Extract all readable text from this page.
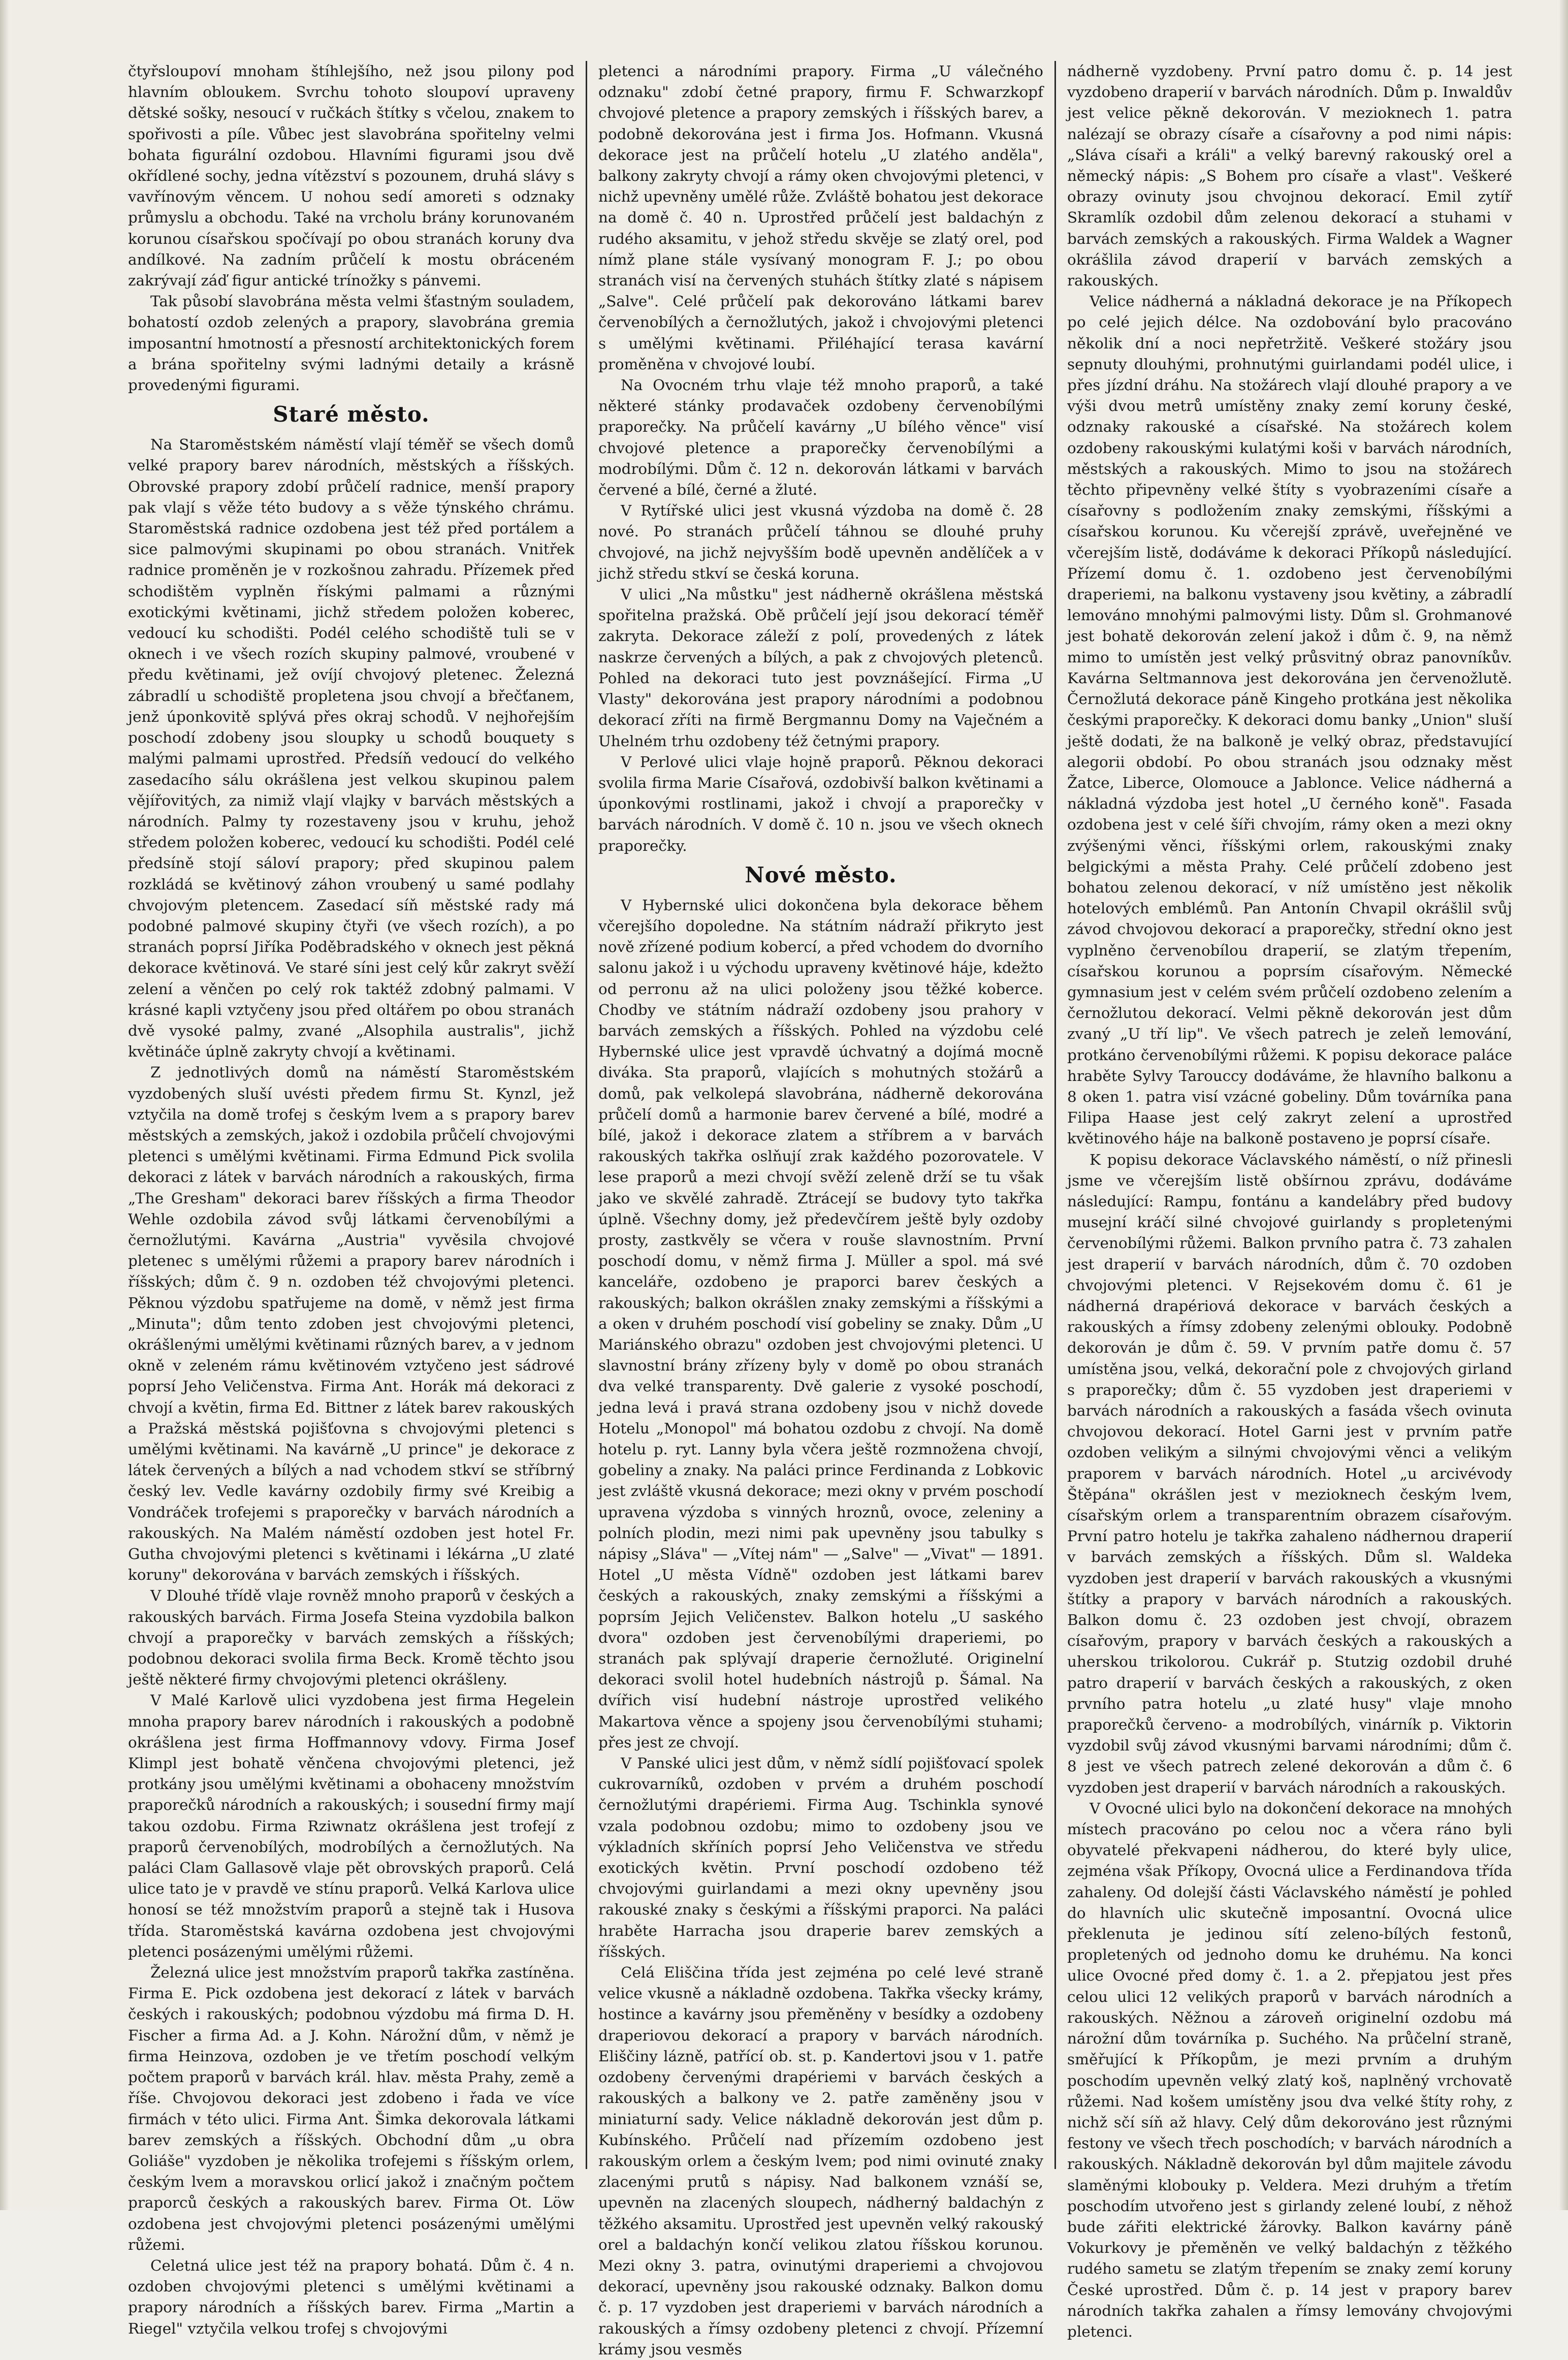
čtyřsloupoví mnoham štíhlejšího, než jsou pilony pod hlavním obloukem. Svrchu tohoto sloupoví upraveny dětské sošky, nesoucí v ručkách štítky s včelou, znakem to spořivosti a píle. Vůbec jest slavobrána spořitelny velmi bohata figurální ozdobou. Hlavními figurami jsou dvě okřídlené sochy, jedna vítězství s pozounem, druhá slávy s vavřínovým věncem. U nohou sedí amoreti s odznaky průmyslu a obchodu. Také na vrcholu brány korunovaném korunou císařskou spočívají po obou stranách koruny dva andílkové. Na zadním průčelí k mostu obráceném zakrývají záď figur antické trínožky s pánvemi.

Tak působí slavobrána města velmi šťastným souladem, bohatostí ozdob zelených a prapory, slavobrána gremia imposantní hmotností a přesností architektonických forem a brána spořitelny svými ladnými detaily a krásně provedenými figurami.

Staré město.

Na Staroměstském náměstí vlají téměř se všech domů velké prapory barev národních, městských a říšských. Obrovské prapory zdobí průčelí radnice, menší prapory pak vlají s věže této budovy a s věže týnského chrámu. Staroměstská radnice ozdobena jest též před portálem a sice palmovými skupinami po obou stranách. Vnitřek radnice proměněn je v rozkošnou zahradu. Přízemek před schodištěm vyplněn řískými palmami a různými exotickými květinami, jichž středem položen koberec, vedoucí ku schodišti. Podél celého schodiště tuli se v oknech i ve všech rozích skupiny palmové, vroubené v předu květinami, jež ovíjí chvojový pletenec. Železná zábradlí u schodiště propletena jsou chvojí a břečťanem, jenž úponkovitě splývá přes okraj schodů. V nejhořejším poschodí zdobeny jsou sloupky u schodů bouquety s malými palmami uprostřed. Předsíň vedoucí do velkého zasedacího sálu okrášlena jest velkou skupinou palem vějířovitých, za nimiž vlají vlajky v barvách městských a národních. Palmy ty rozestaveny jsou v kruhu, jehož středem položen koberec, vedoucí ku schodišti. Podél celé předsíně stojí sáloví prapory; před skupinou palem rozkládá se květinový záhon vroubený u samé podlahy chvojovým pletencem. Zasedací síň městské rady má podobné palmové skupiny čtyři (ve všech rozích), a po stranách poprsí Jiříka Poděbradského v oknech jest pěkná dekorace květinová. Ve staré síni jest celý kůr zakryt svěží zelení a věnčen po celý rok taktéž zdobný palmami. V krásné kapli vztyčeny jsou před oltářem po obou stranách dvě vysoké palmy, zvané „Alsophila australis", jichž květináče úplně zakryty chvojí a květinami.

Z jednotlivých domů na náměstí Staroměstském vyzdobených sluší uvésti předem firmu St. Kynzl, jež vztyčila na domě trofej s českým lvem a s prapory barev městských a zemských, jakož i ozdobila průčelí chvojovými pletenci s umělými květinami. Firma Edmund Pick svolila dekoraci z látek v barvách národních a rakouských, firma „The Gresham" dekoraci barev říšských a firma Theodor Wehle ozdobila závod svůj látkami červenobílými a černožlutými. Kavárna „Austria" vyvěsila chvojové pletenec s umělými růžemi a prapory barev národních i říšských; dům č. 9 n. ozdoben též chvojovými pletenci. Pěknou výzdobu spatřujeme na domě, v němž jest firma „Minuta"; dům tento zdoben jest chvojovými pletenci, okrášlenými umělými květinami různých barev, a v jednom okně v zeleném rámu květinovém vztyčeno jest sádrové poprsí Jeho Veličenstva. Firma Ant. Horák má dekoraci z chvojí a květin, firma Ed. Bittner z látek barev rakouských a Pražská městská pojišťovna s chvojovými pletenci s umělými květinami. Na kavárně „U prince" je dekorace z látek červených a bílých a nad vchodem stkví se stříbrný český lev. Vedle kavárny ozdobily firmy své Kreibig a Vondráček trofejemi s praporečky v barvách národních a rakouských. Na Malém náměstí ozdoben jest hotel Fr. Gutha chvojovými pletenci s květinami i lékárna „U zlaté koruny" dekorována v barvách zemských i říšských.

V Dlouhé třídě vlaje rovněž mnoho praporů v českých a rakouských barvách. Firma Josefa Steina vyzdobila balkon chvojí a praporečky v barvách zemských a říšských; podobnou dekoraci svolila firma Beck. Kromě těchto jsou ještě některé firmy chvojovými pletenci okrášleny.

V Malé Karlově ulici vyzdobena jest firma Hegelein mnoha prapory barev národních i rakouských a podobně okrášlena jest firma Hoffmannovy vdovy. Firma Josef Klimpl jest bohatě věnčena chvojovými pletenci, jež protkány jsou umělými květinami a obohaceny množstvím praporečků národních a rakouských; i sousední firmy mají takou ozdobu. Firma Rziwnatz okrášlena jest trofejí z praporů červenobílých, modrobílých a černožlutých. Na paláci Clam Gallasově vlaje pět obrovských praporů. Celá ulice tato je v pravdě ve stínu praporů. Velká Karlova ulice honosí se též množstvím praporů a stejně tak i Husova třída. Staroměstská kavárna ozdobena jest chvojovými pletenci posázenými umělými růžemi.

Železná ulice jest množstvím praporů takřka zastíněna. Firma E. Pick ozdobena jest dekorací z látek v barvách českých i rakouských; podobnou výzdobu má firma D. H. Fischer a firma Ad. a J. Kohn. Nárožní dům, v němž je firma Heinzova, ozdoben je ve třetím poschodí velkým počtem praporů v barvách král. hlav. města Prahy, země a říše. Chvojovou dekoraci jest zdobeno i řada ve více firmách v této ulici. Firma Ant. Šimka dekorovala látkami barev zemských a říšských. Obchodní dům „u obra Goliáše" vyzdoben je několika trofejemi s říšským orlem, českým lvem a moravskou orlicí jakož i značným počtem praporců českých a rakouských barev. Firma Ot. Löw ozdobena jest chvojovými pletenci posázenými umělými růžemi.

Celetná ulice jest též na prapory bohatá. Dům č. 4 n. ozdoben chvojovými pletenci s umělými květinami a prapory národních a říšských barev. Firma „Martin a Riegel" vztyčila velkou trofej s chvojovými

pletenci a národními prapory. Firma „U válečného odznaku" zdobí četné prapory, firmu F. Schwarzkopf chvojové pletence a prapory zemských i říšských barev, a podobně dekorována jest i firma Jos. Hofmann. Vkusná dekorace jest na průčelí hotelu „U zlatého anděla", balkony zakryty chvojí a rámy oken chvojovými pletenci, v nichž upevněny umělé růže. Zvláště bohatou jest dekorace na domě č. 40 n. Uprostřed průčelí jest baldachýn z rudého aksamitu, v jehož středu skvěje se zlatý orel, pod nímž plane stále vysívaný monogram F. J.; po obou stranách visí na červených stuhách štítky zlaté s nápisem „Salve". Celé průčelí pak dekorováno látkami barev červenobílých a černožlutých, jakož i chvojovými pletenci s umělými květinami. Přiléhající terasa kavární proměněna v chvojové loubí.

Na Ovocném trhu vlaje též mnoho praporů, a také některé stánky prodavaček ozdobeny červenobílými praporečky. Na průčelí kavárny „U bílého věnce" visí chvojové pletence a praporečky červenobílými a modrobílými. Dům č. 12 n. dekorován látkami v barvách červené a bílé, černé a žluté.

V Rytířské ulici jest vkusná výzdoba na domě č. 28 nové. Po stranách průčelí táhnou se dlouhé pruhy chvojové, na jichž nejvyšším bodě upevněn andělíček a v jichž středu stkví se česká koruna.

V ulici „Na můstku" jest nádherně okrášlena městská spořitelna pražská. Obě průčelí její jsou dekorací téměř zakryta. Dekorace záleží z polí, provedených z látek naskrze červených a bílých, a pak z chvojových pletenců. Pohled na dekoraci tuto jest povznášející. Firma „U Vlasty" dekorována jest prapory národními a podobnou dekorací zříti na firmě Bergmannu Domy na Vaječném a Uhelném trhu ozdobeny též četnými prapory.

V Perlové ulici vlaje hojně praporů. Pěknou dekoraci svolila firma Marie Císařová, ozdobivší balkon květinami a úponkovými rostlinami, jakož i chvojí a praporečky v barvách národních. V domě č. 10 n. jsou ve všech oknech praporečky.

Nové město.

V Hybernské ulici dokončena byla dekorace během včerejšího dopoledne. Na státním nádraží přikryto jest nově zřízené podium kobercí, a před vchodem do dvorního salonu jakož i u východu upraveny květinové háje, kdežto od perronu až na ulici položeny jsou těžké koberce. Chodby ve státním nádraží ozdobeny jsou prahory v barvách zemských a říšských. Pohled na výzdobu celé Hybernské ulice jest vpravdě úchvatný a dojímá mocně diváka. Sta praporů, vlajících s mohutných stožárů a domů, pak velkolepá slavobrána, nádherně dekorována průčelí domů a harmonie barev červené a bílé, modré a bílé, jakož i dekorace zlatem a stříbrem a v barvách rakouských takřka oslňují zrak každého pozorovatele. V lese praporů a mezi chvojí svěží zeleně drží se tu však jako ve skvělé zahradě. Ztrácejí se budovy tyto takřka úplně. Všechny domy, jež předevčírem ještě byly ozdoby prosty, zastkvěly se včera v rouše slavnostním. První poschodí domu, v němž firma J. Müller a spol. má své kanceláře, ozdobeno je praporci barev českých a rakouských; balkon okrášlen znaky zemskými a říšskými a a oken v druhém poschodí visí gobeliny se znaky. Dům „U Mariánského obrazu" ozdoben jest chvojovými pletenci. U slavnostní brány zřízeny byly v domě po obou stranách dva velké transparenty. Dvě galerie z vysoké poschodí, jedna levá i pravá strana ozdobeny jsou v nichž dovede Hotelu „Monopol" má bohatou ozdobu z chvojí. Na domě hotelu p. ryt. Lanny byla včera ještě rozmnožena chvojí, gobeliny a znaky. Na paláci prince Ferdinanda z Lobkovic jest zvláště vkusná dekorace; mezi okny v prvém poschodí upravena výzdoba s vinných hroznů, ovoce, zeleniny a polních plodin, mezi nimi pak upevněny jsou tabulky s nápisy „Sláva" — „Vítej nám" — „Salve" — „Vivat" — 1891. Hotel „U města Vídně" ozdoben jest látkami barev českých a rakouských, znaky zemskými a říšskými a poprsím Jejich Veličenstev. Balkon hotelu „U saského dvora" ozdoben jest červenobílými draperiemi, po stranách pak splývají draperie černožluté. Originelní dekoraci svolil hotel hudebních nástrojů p. Šámal. Na dvířich visí hudební nástroje uprostřed velikého Makartova věnce a spojeny jsou červenobílými stuhami; přes jest ze chvojí.

V Panské ulici jest dům, v němž sídlí pojišťovací spolek cukrovarníků, ozdoben v prvém a druhém poschodí černožlutými drapériemi. Firma Aug. Tschinkla synové vzala podobnou ozdobu; mimo to ozdobeny jsou ve výkladních skříních poprsí Jeho Veličenstva ve středu exotických květin. První poschodí ozdobeno též chvojovými guirlandami a mezi okny upevněny jsou rakouské znaky s českými a říšskými praporci. Na paláci hraběte Harracha jsou draperie barev zemských a říšských.

Celá Eliščina třída jest zejména po celé levé straně velice vkusně a nákladně ozdobena. Takřka všecky krámy, hostince a kavárny jsou přeměněny v besídky a ozdobeny draperiovou dekorací a prapory v barvách národních. Eliščiny lázně, patřící ob. st. p. Kandertovi jsou v 1. patře ozdobeny červenými drapériemi v barvách českých a rakouských a balkony ve 2. patře zaměněny jsou v miniaturní sady. Velice nákladně dekorován jest dům p. Kubínského. Průčelí nad přízemím ozdobeno jest rakouským orlem a českým lvem; pod nimi ovinuté znaky zlacenými prutů s nápisy. Nad balkonem vznáší se, upevněn na zlacených sloupech, nádherný baldachýn z těžkého aksamitu. Uprostřed jest upevněn velký rakouský orel a baldachýn končí velikou zlatou říšskou korunou. Mezi okny 3. patra, ovinutými draperiemi a chvojovou dekorací, upevněny jsou rakouské odznaky. Balkon domu č. p. 17 vyzdoben jest draperiemi v barvách národních a rakouských a římsy ozdobeny pletenci z chvojí. Přízemní krámy jsou vesměs

nádherně vyzdobeny. První patro domu č. p. 14 jest vyzdobeno draperií v barvách národních. Dům p. Inwaldův jest velice pěkně dekorován. V mezioknech 1. patra nalézají se obrazy císaře a císařovny a pod nimi nápis: „Sláva císaři a králi" a velký barevný rakouský orel a německý nápis: „S Bohem pro císaře a vlast". Veškeré obrazy ovinuty jsou chvojnou dekorací. Emil zytíř Skramlík ozdobil dům zelenou dekorací a stuhami v barvách zemských a rakouských. Firma Waldek a Wagner okrášlila závod draperií v barvách zemských a rakouských.

Velice nádherná a nákladná dekorace je na Příkopech po celé jejich délce. Na ozdobování bylo pracováno několik dní a noci nepřetržitě. Veškeré stožáry jsou sepnuty dlouhými, prohnutými guirlandami podél ulice, i přes jízdní dráhu. Na stožárech vlají dlouhé prapory a ve výši dvou metrů umístěny znaky zemí koruny české, odznaky rakouské a císařské. Na stožárech kolem ozdobeny rakouskými kulatými koši v barvách národních, městských a rakouských. Mimo to jsou na stožárech těchto připevněny velké štíty s vyobrazeními císaře a císařovny s podložením znaky zemskými, říšskými a císařskou korunou. Ku včerejší zprávě, uveřejněné ve včerejším listě, dodáváme k dekoraci Příkopů následující. Přízemí domu č. 1. ozdobeno jest červenobílými draperiemi, na balkonu vystaveny jsou květiny, a zábradlí lemováno mnohými palmovými listy. Dům sl. Grohmanové jest bohatě dekorován zelení jakož i dům č. 9, na němž mimo to umístěn jest velký průsvitný obraz panovníkův. Kavárna Seltmannova jest dekorována jen červenožlutě. Černožlutá dekorace páně Kingeho protkána jest několika českými praporečky. K dekoraci domu banky „Union" sluší ještě dodati, že na balkoně je velký obraz, představující alegorii období. Po obou stranách jsou odznaky měst Žatce, Liberce, Olomouce a Jablonce. Velice nádherná a nákladná výzdoba jest hotel „U černého koně". Fasada ozdobena jest v celé šíři chvojím, rámy oken a mezi okny zvýšenými věnci, říšskými orlem, rakouskými znaky belgickými a města Prahy. Celé průčelí zdobeno jest bohatou zelenou dekorací, v níž umístěno jest několik hotelových emblémů. Pan Antonín Chvapil okrášlil svůj závod chvojovou dekorací a praporečky, střední okno jest vyplněno červenobílou draperií, se zlatým třepením, císařskou korunou a poprsím císařovým. Německé gymnasium jest v celém svém průčelí ozdobeno zelením a černožlutou dekorací. Velmi pěkně dekorován jest dům zvaný „U tří lip". Ve všech patrech je zeleň lemování, protkáno červenobílými růžemi. K popisu dekorace paláce hraběte Sylvy Tarouccy dodáváme, že hlavního balkonu a 8 oken 1. patra visí vzácné gobeliny. Dům továrníka pana Filipa Haase jest celý zakryt zelení a uprostřed květinového háje na balkoně postaveno je poprsí císaře.

K popisu dekorace Václavského náměstí, o níž přinesli jsme ve včerejším listě obšírnou zprávu, dodáváme následující: Rampu, fontánu a kandelábry před budovy musejní kráčí silné chvojové guirlandy s propletenými červenobílými růžemi. Balkon prvního patra č. 73 zahalen jest draperií v barvách národních, dům č. 70 ozdoben chvojovými pletenci. V Rejsekovém domu č. 61 je nádherná drapériová dekorace v barvách českých a rakouských a římsy zdobeny zelenými oblouky. Podobně dekorován je dům č. 59. V prvním patře domu č. 57 umístěna jsou, velká, dekorační pole z chvojových girland s praporečky; dům č. 55 vyzdoben jest draperiemi v barvách národních a rakouských a fasáda všech ovinuta chvojovou dekorací. Hotel Garni jest v prvním patře ozdoben velikým a silnými chvojovými věnci a velikým praporem v barvách národních. Hotel „u arcivévody Štěpána" okrášlen jest v mezioknech českým lvem, císařským orlem a transparentním obrazem císařovým. První patro hotelu je takřka zahaleno nádhernou draperií v barvách zemských a říšských. Dům sl. Waldeka vyzdoben jest draperií v barvách rakouských a vkusnými štítky a prapory v barvách národních a rakouských. Balkon domu č. 23 ozdoben jest chvojí, obrazem císařovým, prapory v barvách českých a rakouských a uherskou trikolorou. Cukrář p. Stutzig ozdobil druhé patro draperií v barvách českých a rakouských, z oken prvního patra hotelu „u zlaté husy" vlaje mnoho praporečků červeno- a modrobílých, vinárník p. Viktorin vyzdobil svůj závod vkusnými barvami národními; dům č. 8 jest ve všech patrech zelené dekorován a dům č. 6 vyzdoben jest draperií v barvách národních a rakouských.

V Ovocné ulici bylo na dokončení dekorace na mnohých místech pracováno po celou noc a včera ráno byli obyvatelé překvapeni nádherou, do které byly ulice, zejména však Příkopy, Ovocná ulice a Ferdinandova třída zahaleny. Od dolejší části Václavského náměstí je pohled do hlavních ulic skutečně imposantní. Ovocná ulice překlenuta je jedinou sítí zeleno-bílých festonů, propletených od jednoho domu ke druhému. Na konci ulice Ovocné před domy č. 1. a 2. přepjatou jest přes celou ulici 12 velikých praporů v barvách národních a rakouských. Něžnou a zároveň originelní ozdobu má nárožní dům továrníka p. Suchého. Na průčelní straně, směřující k Příkopům, je mezi prvním a druhým poschodím upevněn velký zlatý koš, naplněný vrchovatě růžemi. Nad košem umístěny jsou dva velké štíty rohy, z nichž sčí síň až hlavy. Celý dům dekorováno jest různými festony ve všech třech poschodích; v barvách národních a rakouských. Nákladně dekorován byl dům majitele závodu slaměnými klobouky p. Veldera. Mezi druhým a třetím poschodím utvořeno jest s girlandy zelené loubí, z něhož bude zářiti elektrické žárovky. Balkon kavárny páně Vokurkovy je přeměněn ve velký baldachýn z těžkého rudého sametu se zlatým třepením se znaky zemí koruny České uprostřed. Dům č. p. 14 jest v prapory barev národních takřka zahalen a římsy lemovány chvojovými pletenci.
